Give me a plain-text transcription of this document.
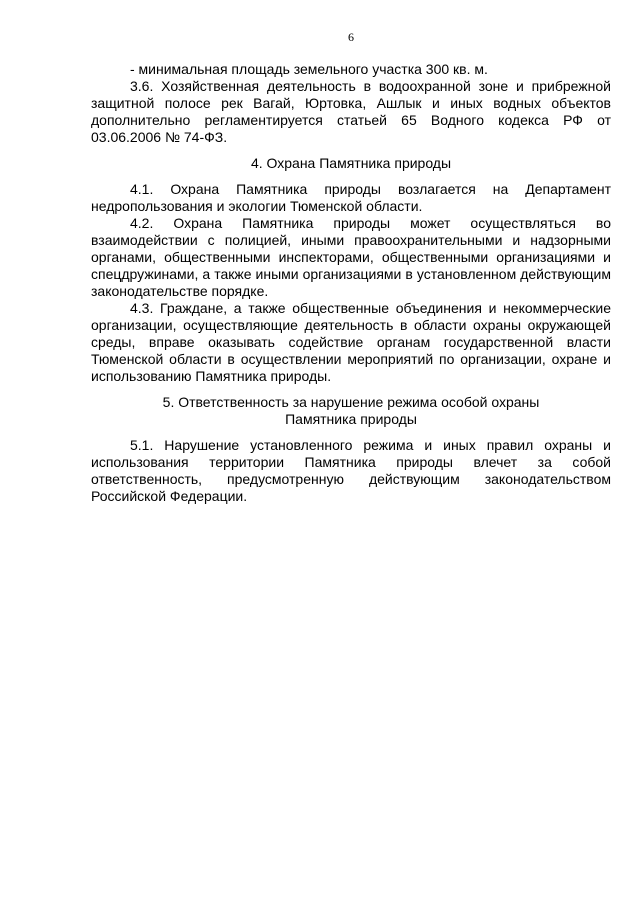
6

- минимальная площадь земельного участка 300 кв. м.

3.6. Хозяйственная деятельность в водоохранной зоне и прибрежной защитной полосе рек Вагай, Юртовка, Ашлык и иных водных объектов дополнительно регламентируется статьей 65 Водного кодекса РФ от 03.06.2006 № 74-ФЗ.

4. Охрана Памятника природы

4.1. Охрана Памятника природы возлагается на Департамент недропользования и экологии Тюменской области.

4.2. Охрана Памятника природы может осуществляться во взаимодействии с полицией, иными правоохранительными и надзорными органами, общественными инспекторами, общественными организациями и спецдружинами, а также иными организациями в установленном действующим законодательстве порядке.

4.3. Граждане, а также общественные объединения и некоммерческие организации, осуществляющие деятельность в области охраны окружающей среды, вправе оказывать содействие органам государственной власти Тюменской области в осуществлении мероприятий по организации, охране и использованию Памятника природы.

5. Ответственность за нарушение режима особой охраны

Памятника природы

5.1. Нарушение установленного режима и иных правил охраны и использования территории Памятника природы влечет за собой ответственность, предусмотренную действующим законодательством Российской Федерации.
